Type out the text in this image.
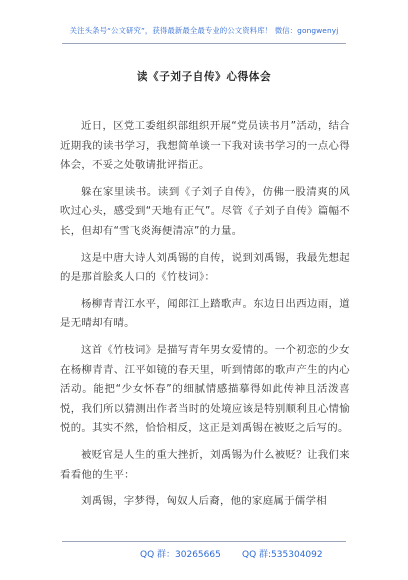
关注头条号“公文研究”，获得最新最全最专业的公文资料库！ 微信：gongwenyj
读《子刘子自传》心得体会

近日，区党工委组织部组织开展“党员读书月”活动，结合近期我的读书学习，我想简单谈一下我对读书学习的一点心得体会，不妥之处敬请批评指正。

躲在家里读书。读到《子刘子自传》，仿佛一股清爽的风吹过心头，感受到“天地有正气”。尽管《子刘子自传》篇幅不长，但却有“雪飞炎海便清凉”的力量。

这是中唐大诗人刘禹锡的自传，说到刘禹锡，我最先想起的是那首脍炙人口的《竹枝词》：

杨柳青青江水平，闻郎江上踏歌声。东边日出西边雨，道是无晴却有晴。

这首《竹枝词》是描写青年男女爱情的。一个初恋的少女在杨柳青青、江平如镜的春天里，听到情郎的歌声产生的内心活动。能把“少女怀春”的细腻情感描摹得如此传神且活泼喜悦，我们所以猜测出作者当时的处境应该是特别顺利且心情愉悦的。其实不然，恰恰相反，这正是刘禹锡在被贬之后写的。

被贬官是人生的重大挫折，刘禹锡为什么被贬？让我们来看看他的生平：

刘禹锡，字梦得，匈奴人后裔，他的家庭属于儒学相

QQ 群：30265665 QQ 群:535304092
